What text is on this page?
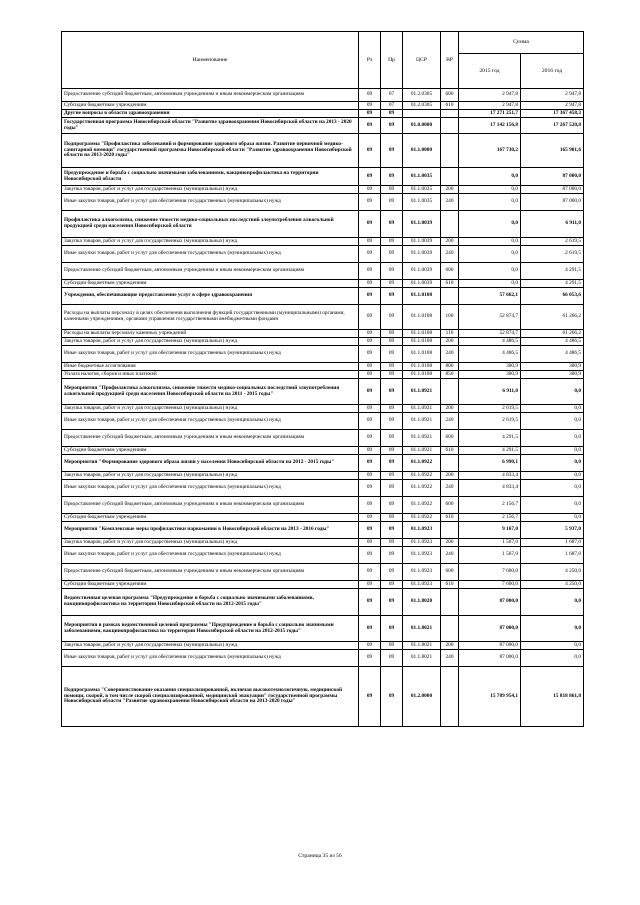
Наименование	Рз	Пр	ЦСР	ВР	Сумма	
					2015 год	2016 год
Предоставление субсидий бюджетным, автономным учреждениям и иным некоммерческим организациям	09	07	01.2.0305	600	2 947,8	2 947,8
Субсидии бюджетным учреждениям	09	07	01.2.0305	610	2 947,8	2 947,8
Другие вопросы в области здравоохранения	09	09			17 271 251,7	17 367 458,3
Государственная программа Новосибирской области "Развитие здравоохранения Новосибирской области на 2013 - 2020 годы"	09	09	01.0.0000		17 142 156,8	17 267 520,8
Подпрограмма "Профилактика заболеваний и формирование здорового образа жизни. Развитие первичной медико-санитарной помощи" государственной программы Новосибирской области "Развитие здравоохранения Новосибирской области на 2013-2020 годы"	09	09	01.1.0000		167 730,2	165 901,6
Предупреждение и борьба с социально значимыми заболеваниями, вакцинопрофилактика на территории Новосибирской области	09	09	01.1.0035		0,0	87 000,0
Закупка товаров, работ и услуг для государственных (муниципальных) нужд	09	09	01.1.0035	200	0,0	87 000,0
Иные закупки товаров, работ и услуг для обеспечения государственных (муниципальных) нужд	09	09	01.1.0035	240	0,0	87 000,0
Профилактика алкоголизма, снижение тяжести медико-социальных последствий злоупотребления алкогольной продукцией среди населения Новосибирской области	09	09	01.1.0039		0,0	6 911,0
Закупка товаров, работ и услуг для государственных (муниципальных) нужд	09	09	01.1.0039	200	0,0	2 619,5
Иные закупки товаров, работ и услуг для обеспечения государственных (муниципальных) нужд	09	09	01.1.0039	240	0,0	2 619,5
Предоставление субсидий бюджетным, автономным учреждениям и иным некоммерческим организациям	09	09	01.1.0039	600	0,0	4 291,5
Субсидии бюджетным учреждениям	09	09	01.1.0039	610	0,0	4 291,5
Учреждения, обеспечивающие предоставление услуг в сфере здравоохранения	09	09	01.1.0108		57 662,1	66 053,6
Расходы на выплаты персоналу в целях обеспечения выполнения функций государственными (муниципальными) органами, казенными учреждениями, органами управления государственными внебюджетными фондами	09	09	01.1.0108	100	52 874,7	61 266,2
Расходы на выплаты персоналу казенных учреждений	09	09	01.1.0108	110	52 874,7	61 266,2
Закупка товаров, работ и услуг для государственных (муниципальных) нужд	09	09	01.1.0108	200	4 486,5	4 486,5
Иные закупки товаров, работ и услуг для обеспечения государственных (муниципальных) нужд	09	09	01.1.0108	240	4 486,5	4 486,5
Иные бюджетные ассигнования	09	09	01.1.0108	800	300,9	300,9
Уплата налогов, сборов и иных платежей	09	09	01.1.0108	850	300,9	300,9
Мероприятия "Профилактика алкоголизма, снижение тяжести медико-социальных последствий злоупотребления алкогольной продукцией среди населения Новосибирской области на 2011 - 2015 годы"	09	09	01.1.0921		6 911,0	0,0
Закупка товаров, работ и услуг для государственных (муниципальных) нужд	09	09	01.1.0921	200	2 619,5	0,0
Иные закупки товаров, работ и услуг для обеспечения государственных (муниципальных) нужд	09	09	01.1.0921	240	2 619,5	0,0
Предоставление субсидий бюджетным, автономным учреждениям и иным некоммерческим организациям	09	09	01.1.0921	600	4 291,5	0,0
Субсидии бюджетным учреждениям	09	09	01.1.0921	610	4 291,5	0,0
Мероприятия "Формирование здорового образа жизни у населения Новосибирской области на 2012 - 2015 годы"	09	09	01.1.0922		6 990,1	0,0
Закупка товаров, работ и услуг для государственных (муниципальных) нужд	09	09	01.1.0922	200	4 833,4	0,0
Иные закупки товаров, работ и услуг для обеспечения государственных (муниципальных) нужд	09	09	01.1.0922	240	4 833,4	0,0
Предоставление субсидий бюджетным, автономным учреждениям и иным некоммерческим организациям	09	09	01.1.0922	600	2 156,7	0,0
Субсидии бюджетным учреждениям	09	09	01.1.0922	610	2 156,7	0,0
Мероприятия "Комплексные меры профилактики наркомании в Новосибирской области на 2013 - 2016 годы"	09	09	01.1.0923		9 167,0	5 937,0
Закупка товаров, работ и услуг для государственных (муниципальных) нужд	09	09	01.1.0923	200	1 567,0	1 687,0
Иные закупки товаров, работ и услуг для обеспечения государственных (муниципальных) нужд	09	09	01.1.0923	240	1 567,0	1 687,0
Предоставление субсидий бюджетным, автономным учреждениям и иным некоммерческим организациям	09	09	01.1.0923	600	7 600,0	4 250,0
Субсидии бюджетным учреждениям	09	09	01.1.0923	610	7 600,0	4 250,0
Ведомственная целевая программа "Предупреждение и борьба с социально значимыми заболеваниями, вакцинопрофилактика на территории Новосибирской области на 2012-2015 годы"	09	09	01.1.8020		87 000,0	0,0
Мероприятия в рамках ведомственной целевой программы "Предупреждение и борьба с социально значимыми заболеваниями, вакцинопрофилактика на территории Новосибирской области на 2012-2015 годы"	09	09	01.1.8021		87 000,0	0,0
Закупка товаров, работ и услуг для государственных (муниципальных) нужд	09	09	01.1.8021	200	87 000,0	0,0
Иные закупки товаров, работ и услуг для обеспечения государственных (муниципальных) нужд	09	09	01.1.8021	240	87 000,0	0,0
Подпрограмма "Совершенствование оказания специализированной, включая высокотехнологичную, медицинской помощи, скорой, в том числе скорой специализированной, медицинской эвакуации" государственной программы Новосибирской области "Развитие здравоохранения Новосибирской области на 2013-2020 годы"	09	09	01.2.0000		15 789 954,1	15 818 861,8
Страница 35 из 56
